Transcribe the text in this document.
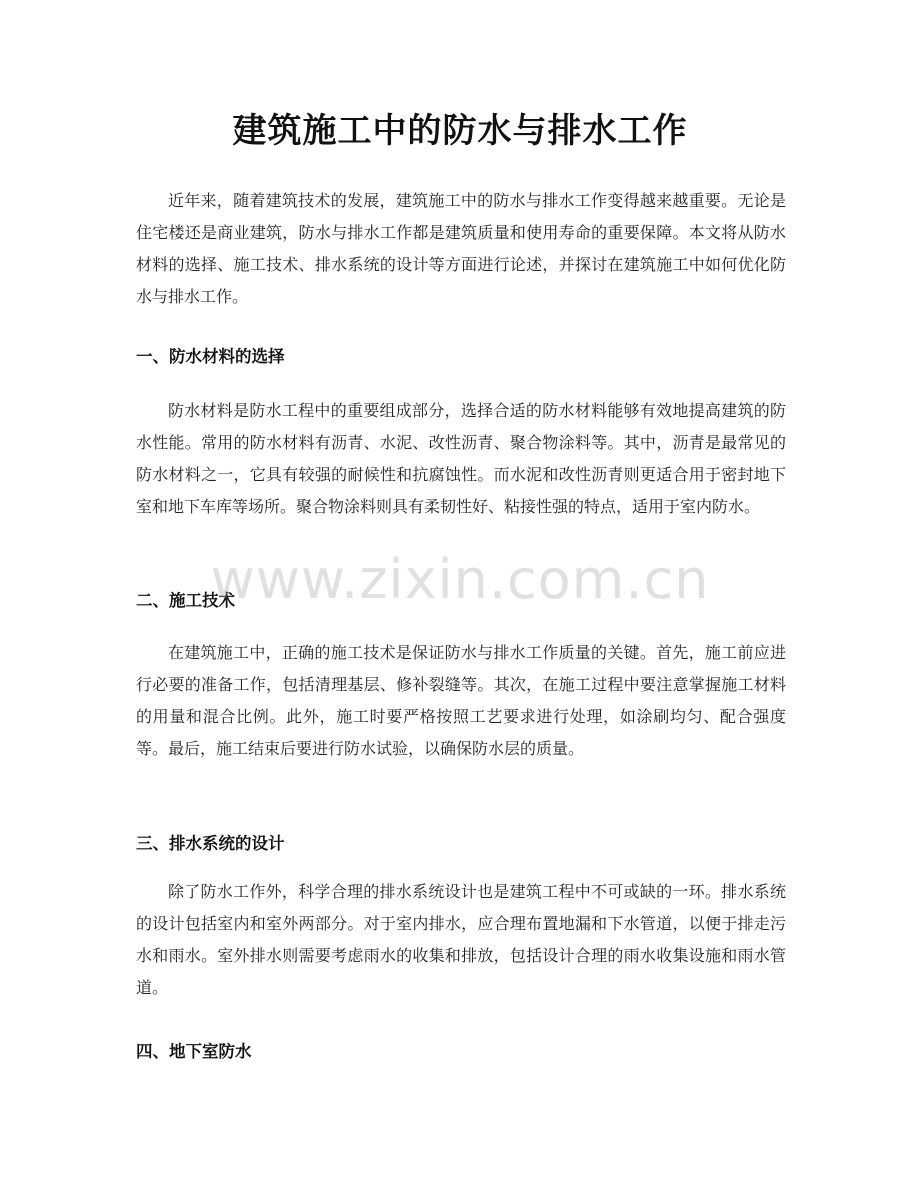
建筑施工中的防水与排水工作
近年来，随着建筑技术的发展，建筑施工中的防水与排水工作变得越来越重要。无论是住宅楼还是商业建筑，防水与排水工作都是建筑质量和使用寿命的重要保障。本文将从防水材料的选择、施工技术、排水系统的设计等方面进行论述，并探讨在建筑施工中如何优化防水与排水工作。
一、防水材料的选择
防水材料是防水工程中的重要组成部分，选择合适的防水材料能够有效地提高建筑的防水性能。常用的防水材料有沥青、水泥、改性沥青、聚合物涂料等。其中，沥青是最常见的防水材料之一，它具有较强的耐候性和抗腐蚀性。而水泥和改性沥青则更适合用于密封地下室和地下车库等场所。聚合物涂料则具有柔韧性好、粘接性强的特点，适用于室内防水。
二、施工技术
在建筑施工中，正确的施工技术是保证防水与排水工作质量的关键。首先，施工前应进行必要的准备工作，包括清理基层、修补裂缝等。其次，在施工过程中要注意掌握施工材料的用量和混合比例。此外，施工时要严格按照工艺要求进行处理，如涂刷均匀、配合强度等。最后，施工结束后要进行防水试验，以确保防水层的质量。
三、排水系统的设计
除了防水工作外，科学合理的排水系统设计也是建筑工程中不可或缺的一环。排水系统的设计包括室内和室外两部分。对于室内排水，应合理布置地漏和下水管道，以便于排走污水和雨水。室外排水则需要考虑雨水的收集和排放，包括设计合理的雨水收集设施和雨水管道。
四、地下室防水
www.zixin.com.cn
